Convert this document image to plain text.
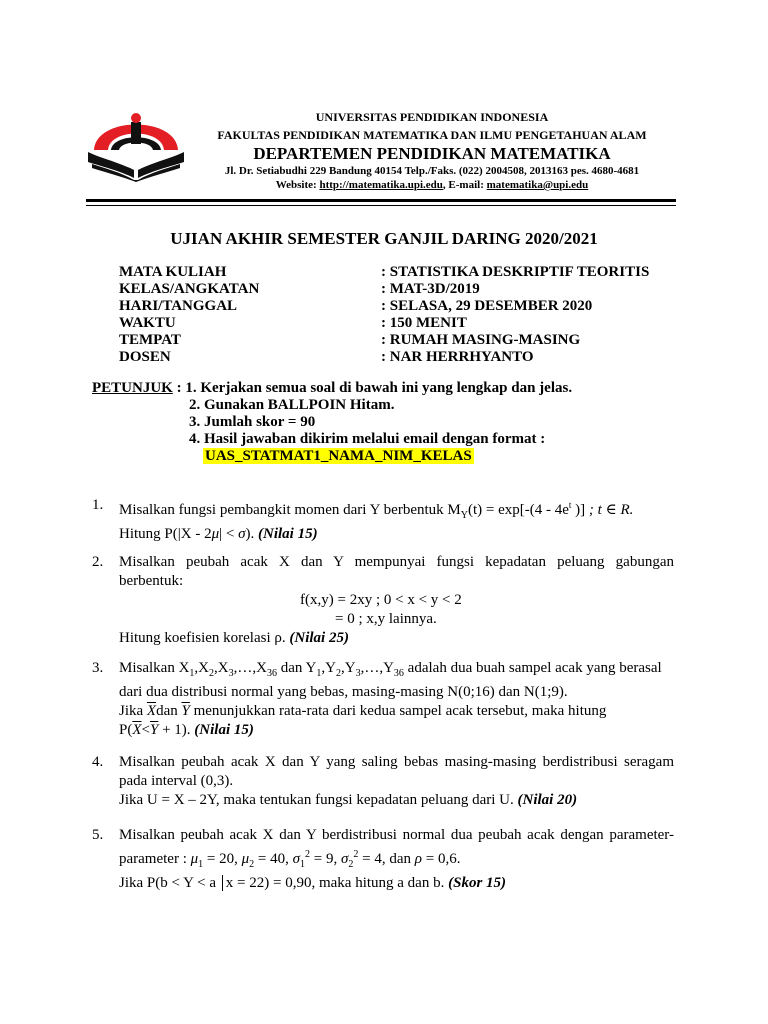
UNIVERSITAS PENDIDIKAN INDONESIA
FAKULTAS PENDIDIKAN MATEMATIKA DAN ILMU PENGETAHUAN ALAM
DEPARTEMEN PENDIDIKAN MATEMATIKA
Jl. Dr. Setiabudhi 229 Bandung 40154 Telp./Faks. (022) 2004508, 2013163 pes. 4680-4681
Website: http://matematika.upi.edu, E-mail: matematika@upi.edu
UJIAN AKHIR SEMESTER GANJIL DARING 2020/2021
MATA KULIAH	: STATISTIKA DESKRIPTIF TEORITIS
KELAS/ANGKATAN	: MAT-3D/2019
HARI/TANGGAL	: SELASA, 29 DESEMBER 2020
WAKTU	: 150 MENIT
TEMPAT	: RUMAH MASING-MASING
DOSEN	: NAR HERRHYANTO
PETUNJUK : 1. Kerjakan semua soal di bawah ini yang lengkap dan jelas.
2. Gunakan BALLPOIN Hitam.
3. Jumlah skor = 90
4. Hasil jawaban dikirim melalui email dengan format :
UAS_STATMAT1_NAMA_NIM_KELAS
1. Misalkan fungsi pembangkit momen dari Y berbentuk $M_Y(t) = \exp[-(4 - 4e^t$ )] ; t ∈ R.
Hitung P(|X - 2μ| < σ). (Nilai 15)
2. Misalkan peubah acak X dan Y mempunyai fungsi kepadatan peluang gabungan
berbentuk:
f(x,y) = 2xy ; 0 < x < y < 2
= 0 ; x,y lainnya.
Hitung koefisien korelasi ρ. (Nilai 25)
3. Misalkan $X_1,X_2,X_3,\dots,X_{36}$ dan $Y_1,Y_2,Y_3,\dots,Y_{36}$ adalah dua buah sampel acak yang berasal
dari dua distribusi normal yang bebas, masing-masing N(0;16) dan N(1;9).
Jika $\overline{X}dan$ $\overline{Y}$ menunjukkan rata-rata dari kedua sampel acak tersebut, maka hitung
$P(\overline{X}<\overline{Y} + 1)$. (Nilai 15)
4. Misalkan peubah acak X dan Y yang saling bebas masing-masing berdistribusi seragam
pada interval (0,3).
Jika U = X – 2Y, maka tentukan fungsi kepadatan peluang dari U. (Nilai 20)
5. Misalkan peubah acak X dan Y berdistribusi normal dua peubah acak dengan parameter-
parameter : $\mu_1 = 20$, $\mu_2 = 40$, $\sigma_1^2 = 9$, $\sigma_2^2 = 4$, dan ρ = 0,6.
Jika P(b < Y < a x = 22) = 0,90, maka hitung a dan b. (Skor 15)
